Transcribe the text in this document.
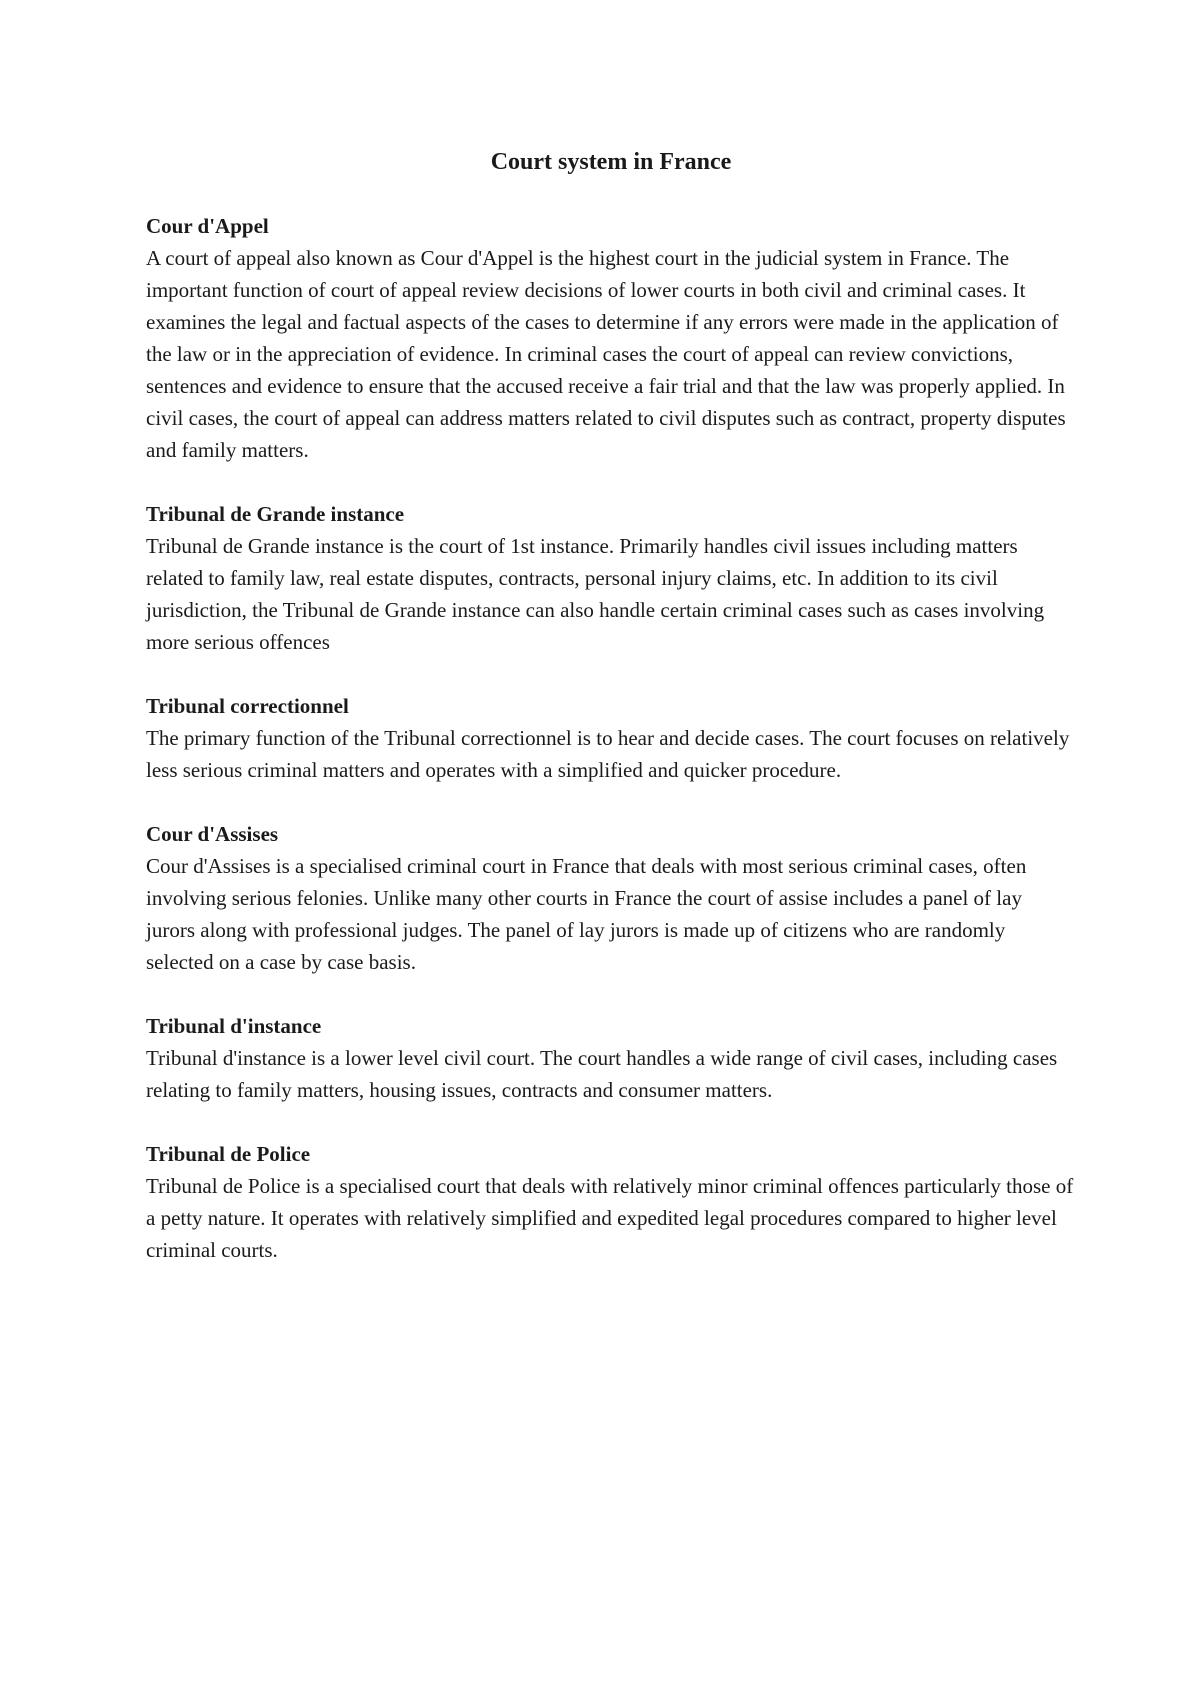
Court system in France
Cour d'Appel
A court of appeal also known as Cour d'Appel is the highest court in the judicial system in France. The important function of court of appeal review decisions of lower courts in both civil and criminal cases. It examines the legal and factual aspects of the cases to determine if any errors were made in the application of the law or in the appreciation of evidence. In criminal cases the court of appeal can review convictions, sentences and evidence to ensure that the accused receive a fair trial and that the law was properly applied. In civil cases, the court of appeal can address matters related to civil disputes such as contract, property disputes and family matters.
Tribunal de Grande instance
Tribunal de Grande instance is the court of 1st instance. Primarily handles civil issues including matters related to family law, real estate disputes, contracts, personal injury claims, etc. In addition to its civil jurisdiction, the Tribunal de Grande instance can also handle certain criminal cases such as cases involving more serious offences
Tribunal correctionnel
The primary function of the Tribunal correctionnel is to hear and decide cases. The court focuses on relatively less serious criminal matters and operates with a simplified and quicker procedure.
Cour d'Assises
Cour d'Assises is a specialised criminal court in France that deals with most serious criminal cases, often involving serious felonies. Unlike many other courts in France the court of assise includes a panel of lay jurors along with professional judges. The panel of lay jurors is made up of citizens who are randomly selected on a case by case basis.
Tribunal d'instance
Tribunal d'instance is a lower level civil court. The court handles a wide range of civil cases, including cases relating to family matters, housing issues, contracts and consumer matters.
Tribunal de Police
Tribunal de Police is a specialised court that deals with relatively minor criminal offences particularly those of a petty nature. It operates with relatively simplified and expedited legal procedures compared to higher level criminal courts.
